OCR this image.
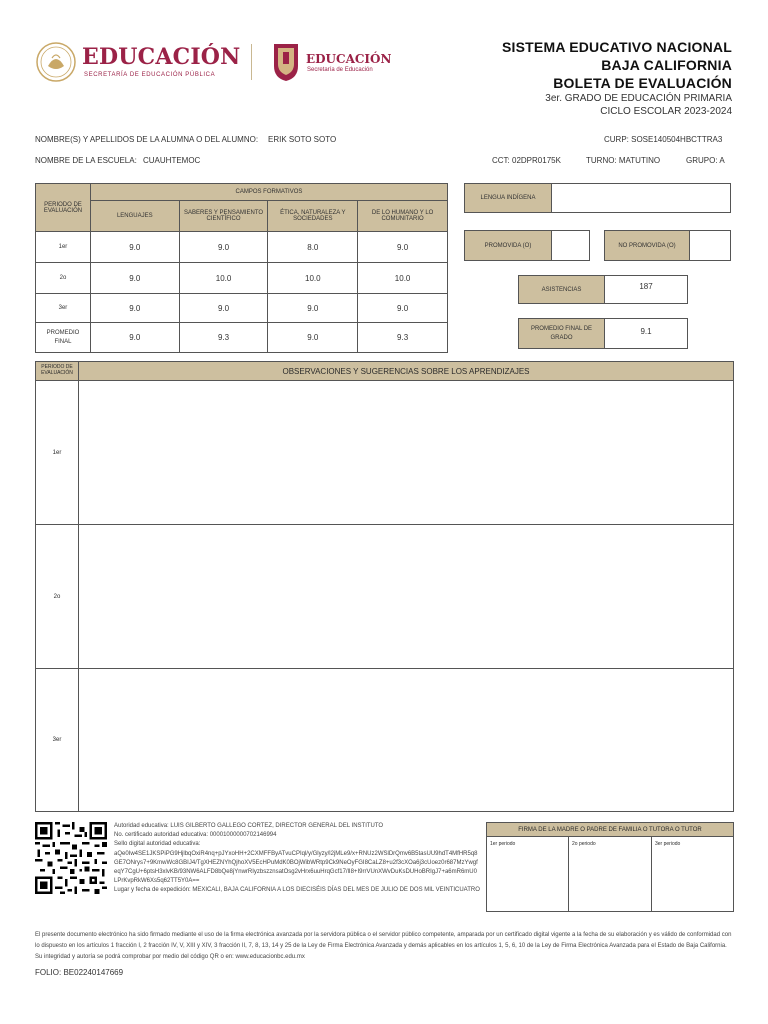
EDUCACIÓN
SECRETARÍA DE EDUCACIÓN PÚBLICA
EDUCACIÓN
Secretaría de Educación
SISTEMA EDUCATIVO NACIONAL
BAJA CALIFORNIA
BOLETA DE EVALUACIÓN
3er. GRADO DE EDUCACIÓN PRIMARIA
CICLO ESCOLAR 2023-2024
NOMBRE(S) Y APELLIDOS DE LA ALUMNA O DEL ALUMNO: ERIK SOTO SOTO	CURP: SOSE140504HBCTTRA3
NOMBRE DE LA ESCUELA: CUAUHTEMOC	CCT: 02DPR0175K	TURNO: MATUTINO	GRUPO: A
PERIODO DE EVALUACIÓN	CAMPOS FORMATIVOS			
	LENGUAJES	SABERES Y PENSAMIENTO CIENTÍFICO	ÉTICA, NATURALEZA Y SOCIEDADES	DE LO HUMANO Y LO COMUNITARIO
1er	9.0	9.0	8.0	9.0
2o	9.0	10.0	10.0	10.0
3er	9.0	9.0	9.0	9.0
PROMEDIO FINAL	9.0	9.3	9.0	9.3
LENGUA INDÍGENA
PROMOVIDA (O)	NO PROMOVIDA (O)
ASISTENCIAS	187
PROMEDIO FINAL DE GRADO
9.1
PERIODO DE EVALUACIÓN	OBSERVACIONES Y SUGERENCIAS SOBRE LOS APRENDIZAJES
1er
2o
3er
Autoridad educativa: LUIS GILBERTO GALLEGO CORTEZ, DIRECTOR GENERAL DEL INSTITUTO
No. certificado autoridad educativa: 00001000000702146994
Sello digital autoridad educativa:
aQe0Iw4SE1JKSPiPG9HjlbqOxiR4nq+pJYxoHH+2CXMFFByATvuCPIql/y/Glyzy/l2jMLe9/x+RNUz2WSlDrQmv6B5tasUU9hdT4MfHR5q8GE7ONrys7+9KmwWc8GBIJ4/TgXHEZNYhQjhoXV5EcHPuMdK0BOjWibWRtp9Ck9NeOyFGI8CaLZ8+u2f3cXOa6j3cUoez0r687MzYwgfeqY7CgU+6ptsH3xlvKB/93NW6ALFD8bQe8jYnwrRIyzbszznsatOsg2vHrx6uuHrqGcf17/lI8+I9rrVUnXWvDuKsDUHoBRIgJ7+a6mR6mU0LPrKvpRkW6Xs5q62TT5Y0A==
Lugar y fecha de expedición: MEXICALI, BAJA CALIFORNIA A LOS DIECISÉIS DÍAS DEL MES DE JULIO DE DOS MIL VEINTICUATRO
FIRMA DE LA MADRE O PADRE DE FAMILIA O TUTORA O TUTOR
1er periodo	2o periodo	3er periodo
El presente documento electrónico ha sido firmado mediante el uso de la firma electrónica avanzada por la servidora pública o el servidor público competente, amparada por un certificado digital vigente a la fecha de su elaboración y es válido de conformidad con lo dispuesto en los artículos 1 fracción I, 2 fracción IV, V, XIII y XIV, 3 fracción II, 7, 8, 13, 14 y 25 de la Ley de Firma Electrónica Avanzada y demás aplicables en los artículos 1, 5, 6, 10 de la Ley de Firma Electrónica Avanzada para el Estado de Baja California. Su integridad y autoría se podrá comprobar por medio del código QR o en: www.educacionbc.edu.mx
FOLIO: BE02240147669
